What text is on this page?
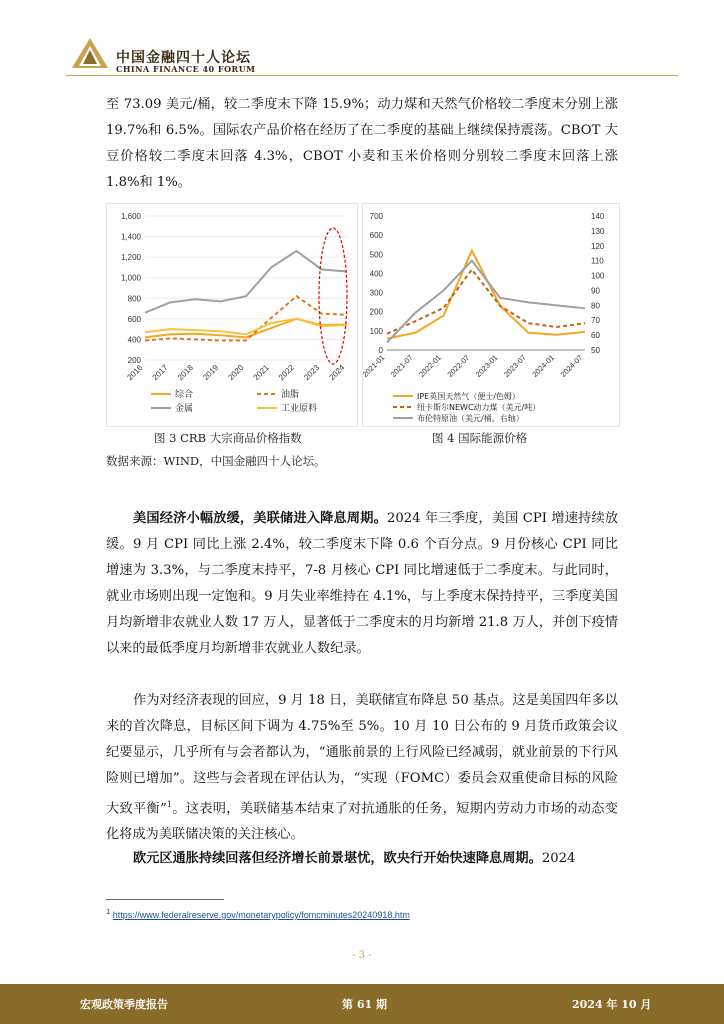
中国金融四十人论坛
CHINA FINANCE 40 FORUM

至 73.09 美元/桶，较二季度末下降 15.9%；动力煤和天然气价格较二季度末分别上涨 19.7%和 6.5%。国际农产品价格在经历了在二季度的基础上继续保持震荡。CBOT 大豆价格较二季度末回落 4.3%，CBOT 小麦和玉米价格则分别较二季度末回落上涨 1.8%和 1%。

1,600
1,400
1,200
1,000
800
600
400
200
2016 2017 2018 2019 2020 2021 2022 2023 2024
综合	油脂
金属	工业原料
图 3 CRB 大宗商品价格指数
700
600
500
400
300
200
100
0
140
130
120
110
100
90
80
70
60
50
2021-01 2021-07 2022-01 2022-07 2023-01 2023-07 2024-01 2024-07
IPE英国天然气（便士/色姆）
纽卡斯尔NEWC动力煤（美元/吨）
布伦特原油（美元/桶，右轴）
图 4 国际能源价格
数据来源：WIND，中国金融四十人论坛。
美国经济小幅放缓，美联储进入降息周期。2024 年三季度，美国 CPI 增速持续放缓。9 月 CPI 同比上涨 2.4%，较二季度末下降 0.6 个百分点。9 月份核心 CPI 同比增速为 3.3%，与二季度末持平，7-8 月核心 CPI 同比增速低于二季度末。与此同时，就业市场则出现一定饱和。9 月失业率维持在 4.1%，与上季度末保持持平，三季度美国月均新增非农就业人数 17 万人，显著低于二季度末的月均新增 21.8 万人，并创下疫情以来的最低季度月均新增非农就业人数纪录。
作为对经济表现的回应，9 月 18 日，美联储宣布降息 50 基点。这是美国四年多以来的首次降息，目标区间下调为 4.75%至 5%。10 月 10 日公布的 9 月货币政策会议纪要显示，几乎所有与会者都认为，“通胀前景的上行风险已经减弱，就业前景的下行风险则已增加”。这些与会者现在评估认为，“实现（FOMC）委员会双重使命目标的风险大致平衡”$^1$。这表明，美联储基本结束了对抗通胀的任务，短期内劳动力市场的动态变化将成为美联储决策的关注核心。
欧元区通胀持续回落但经济增长前景堪忧，欧央行开始快速降息周期。2024
$^1$ https://www.federalreserve.gov/monetarypolicy/fomcminutes20240918.htm
- 3 -
宏观政策季度报告	第 61 期	2024 年 10 月
